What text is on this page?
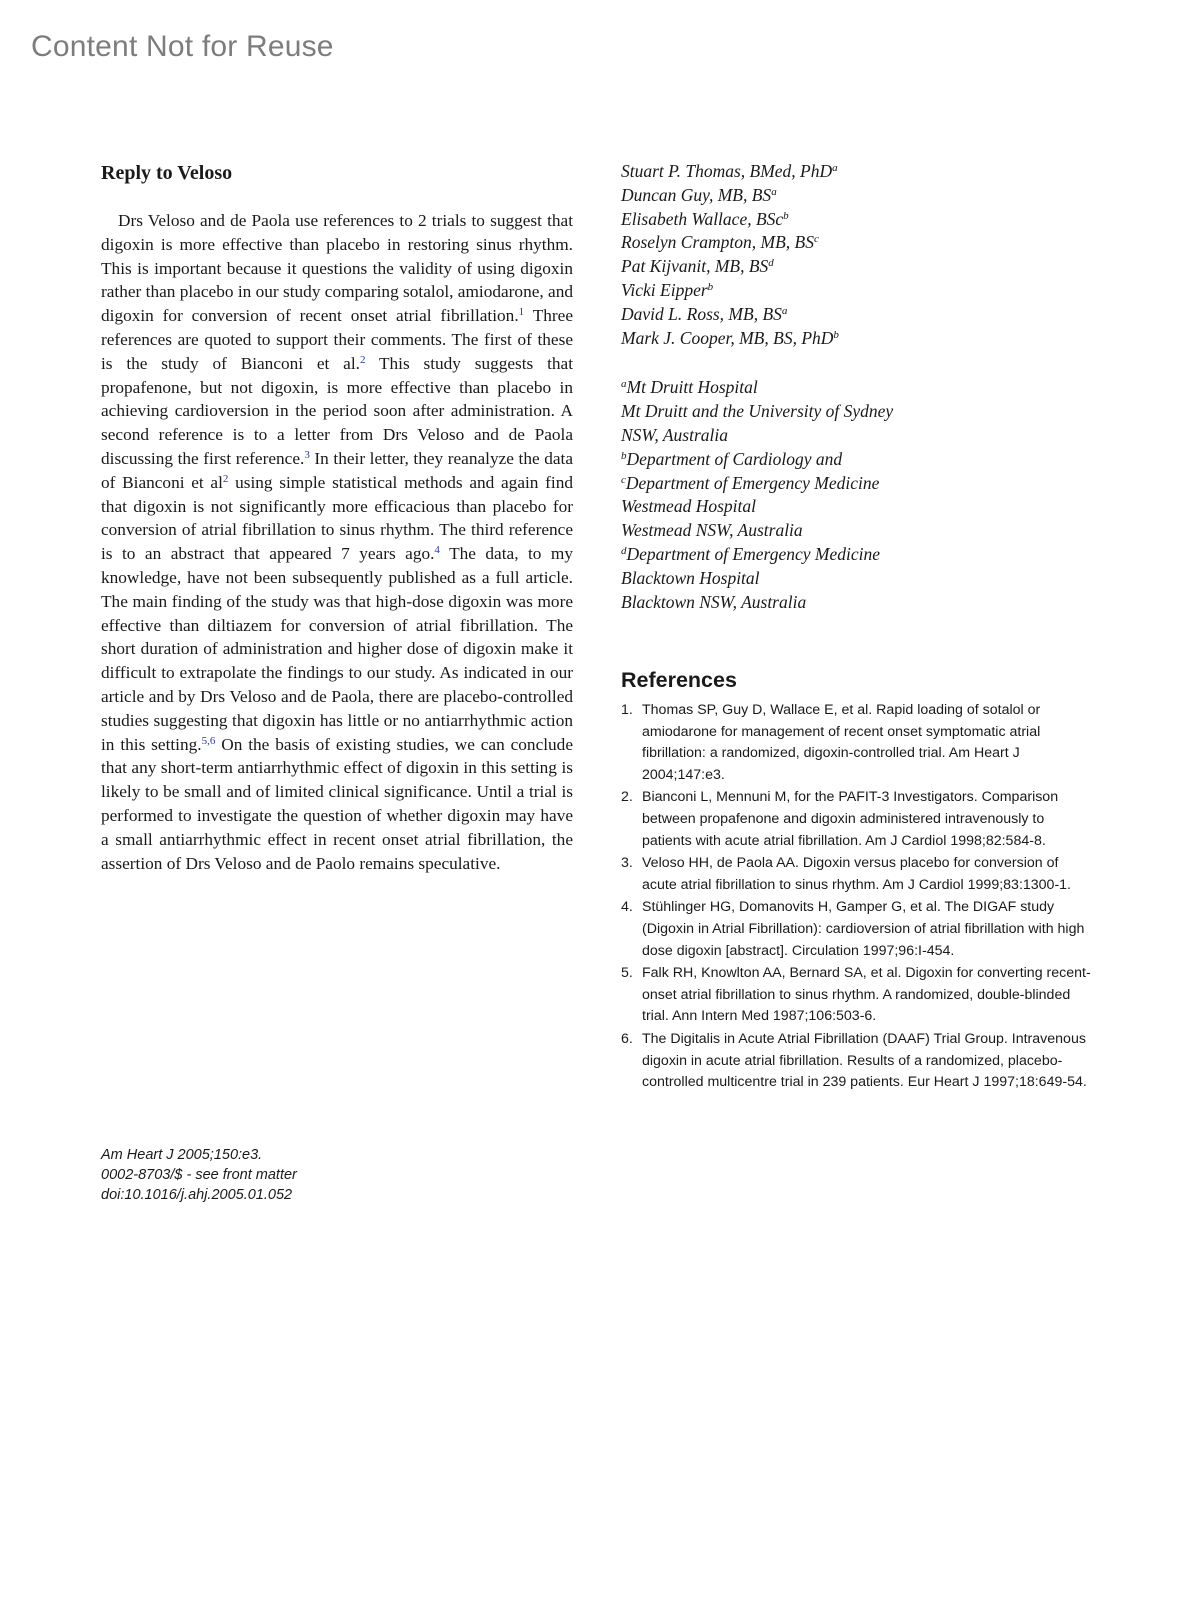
Content Not for Reuse
Reply to Veloso

Drs Veloso and de Paola use references to 2 trials to suggest that digoxin is more effective than placebo in restoring sinus rhythm. This is important because it questions the validity of using digoxin rather than placebo in our study comparing sotalol, amiodarone, and digoxin for conversion of recent onset atrial fibrillation.$^1$ Three references are quoted to support their comments. The first of these is the study of Bianconi et al.$^2$ This study suggests that propafenone, but not digoxin, is more effective than placebo in achieving cardioversion in the period soon after administration. A second reference is to a letter from Drs Veloso and de Paola discussing the first reference.$^3$ In their letter, they reanalyze the data of Bianconi et al$^2$ using simple statistical methods and again find that digoxin is not significantly more efficacious than placebo for conversion of atrial fibrillation to sinus rhythm. The third reference is to an abstract that appeared 7 years ago.$^4$ The data, to my knowledge, have not been subsequently published as a full article. The main finding of the study was that high-dose digoxin was more effective than diltiazem for conversion of atrial fibrillation. The short duration of administration and higher dose of digoxin make it difficult to extrapolate the findings to our study. As indicated in our article and by Drs Veloso and de Paola, there are placebo-controlled studies suggesting that digoxin has little or no antiarrhythmic action in this setting.$^{5,6}$ On the basis of existing studies, we can conclude that any short-term antiarrhythmic effect of digoxin in this setting is likely to be small and of limited clinical significance. Until a trial is performed to investigate the question of whether digoxin may have a small antiarrhythmic effect in recent onset atrial fibrillation, the assertion of Drs Veloso and de Paolo remains speculative.

Am Heart J 2005;150:e3.
0002-8703/$ - see front matter
doi:10.1016/j.ahj.2005.01.052
Stuart P. Thomas, BMed, PhD$^a$
Duncan Guy, MB, $BS^a$
Elisabeth Wallace, BSc$^b$
Roselyn Crampton, MB, $BS^c$
Pat Kijvanit, MB, $BS^d$
Vicki Eipper$^b$
David L. Ross, MB, $BS^a$
Mark J. Cooper, MB, BS, PhD$^b$
$^a$Mt Druitt Hospital
Mt Druitt and the University of Sydney
NSW, Australia
$^b$Department of Cardiology and
$^c$Department of Emergency Medicine
Westmead Hospital
Westmead NSW, Australia
$^d$Department of Emergency Medicine
Blacktown Hospital
Blacktown NSW, Australia
References
1. Thomas SP, Guy D, Wallace E, et al. Rapid loading of sotalol or amiodarone for management of recent onset symptomatic atrial fibrillation: a randomized, digoxin-controlled trial. Am Heart J 2004;147:e3.
2. Bianconi L, Mennuni M, for the PAFIT-3 Investigators. Comparison between propafenone and digoxin administered intravenously to patients with acute atrial fibrillation. Am J Cardiol 1998;82:584-8.
3. Veloso HH, de Paola AA. Digoxin versus placebo for conversion of acute atrial fibrillation to sinus rhythm. Am J Cardiol 1999;83:1300-1.
4. Stühlinger HG, Domanovits H, Gamper G, et al. The DIGAF study (Digoxin in Atrial Fibrillation): cardioversion of atrial fibrillation with high dose digoxin [abstract]. Circulation 1997;96:I-454.
5. Falk RH, Knowlton AA, Bernard SA, et al. Digoxin for converting recent-onset atrial fibrillation to sinus rhythm. A randomized, double-blinded trial. Ann Intern Med 1987;106:503-6.
6. The Digitalis in Acute Atrial Fibrillation (DAAF) Trial Group. Intravenous digoxin in acute atrial fibrillation. Results of a randomized, placebo-controlled multicentre trial in 239 patients. Eur Heart J 1997;18:649-54.
